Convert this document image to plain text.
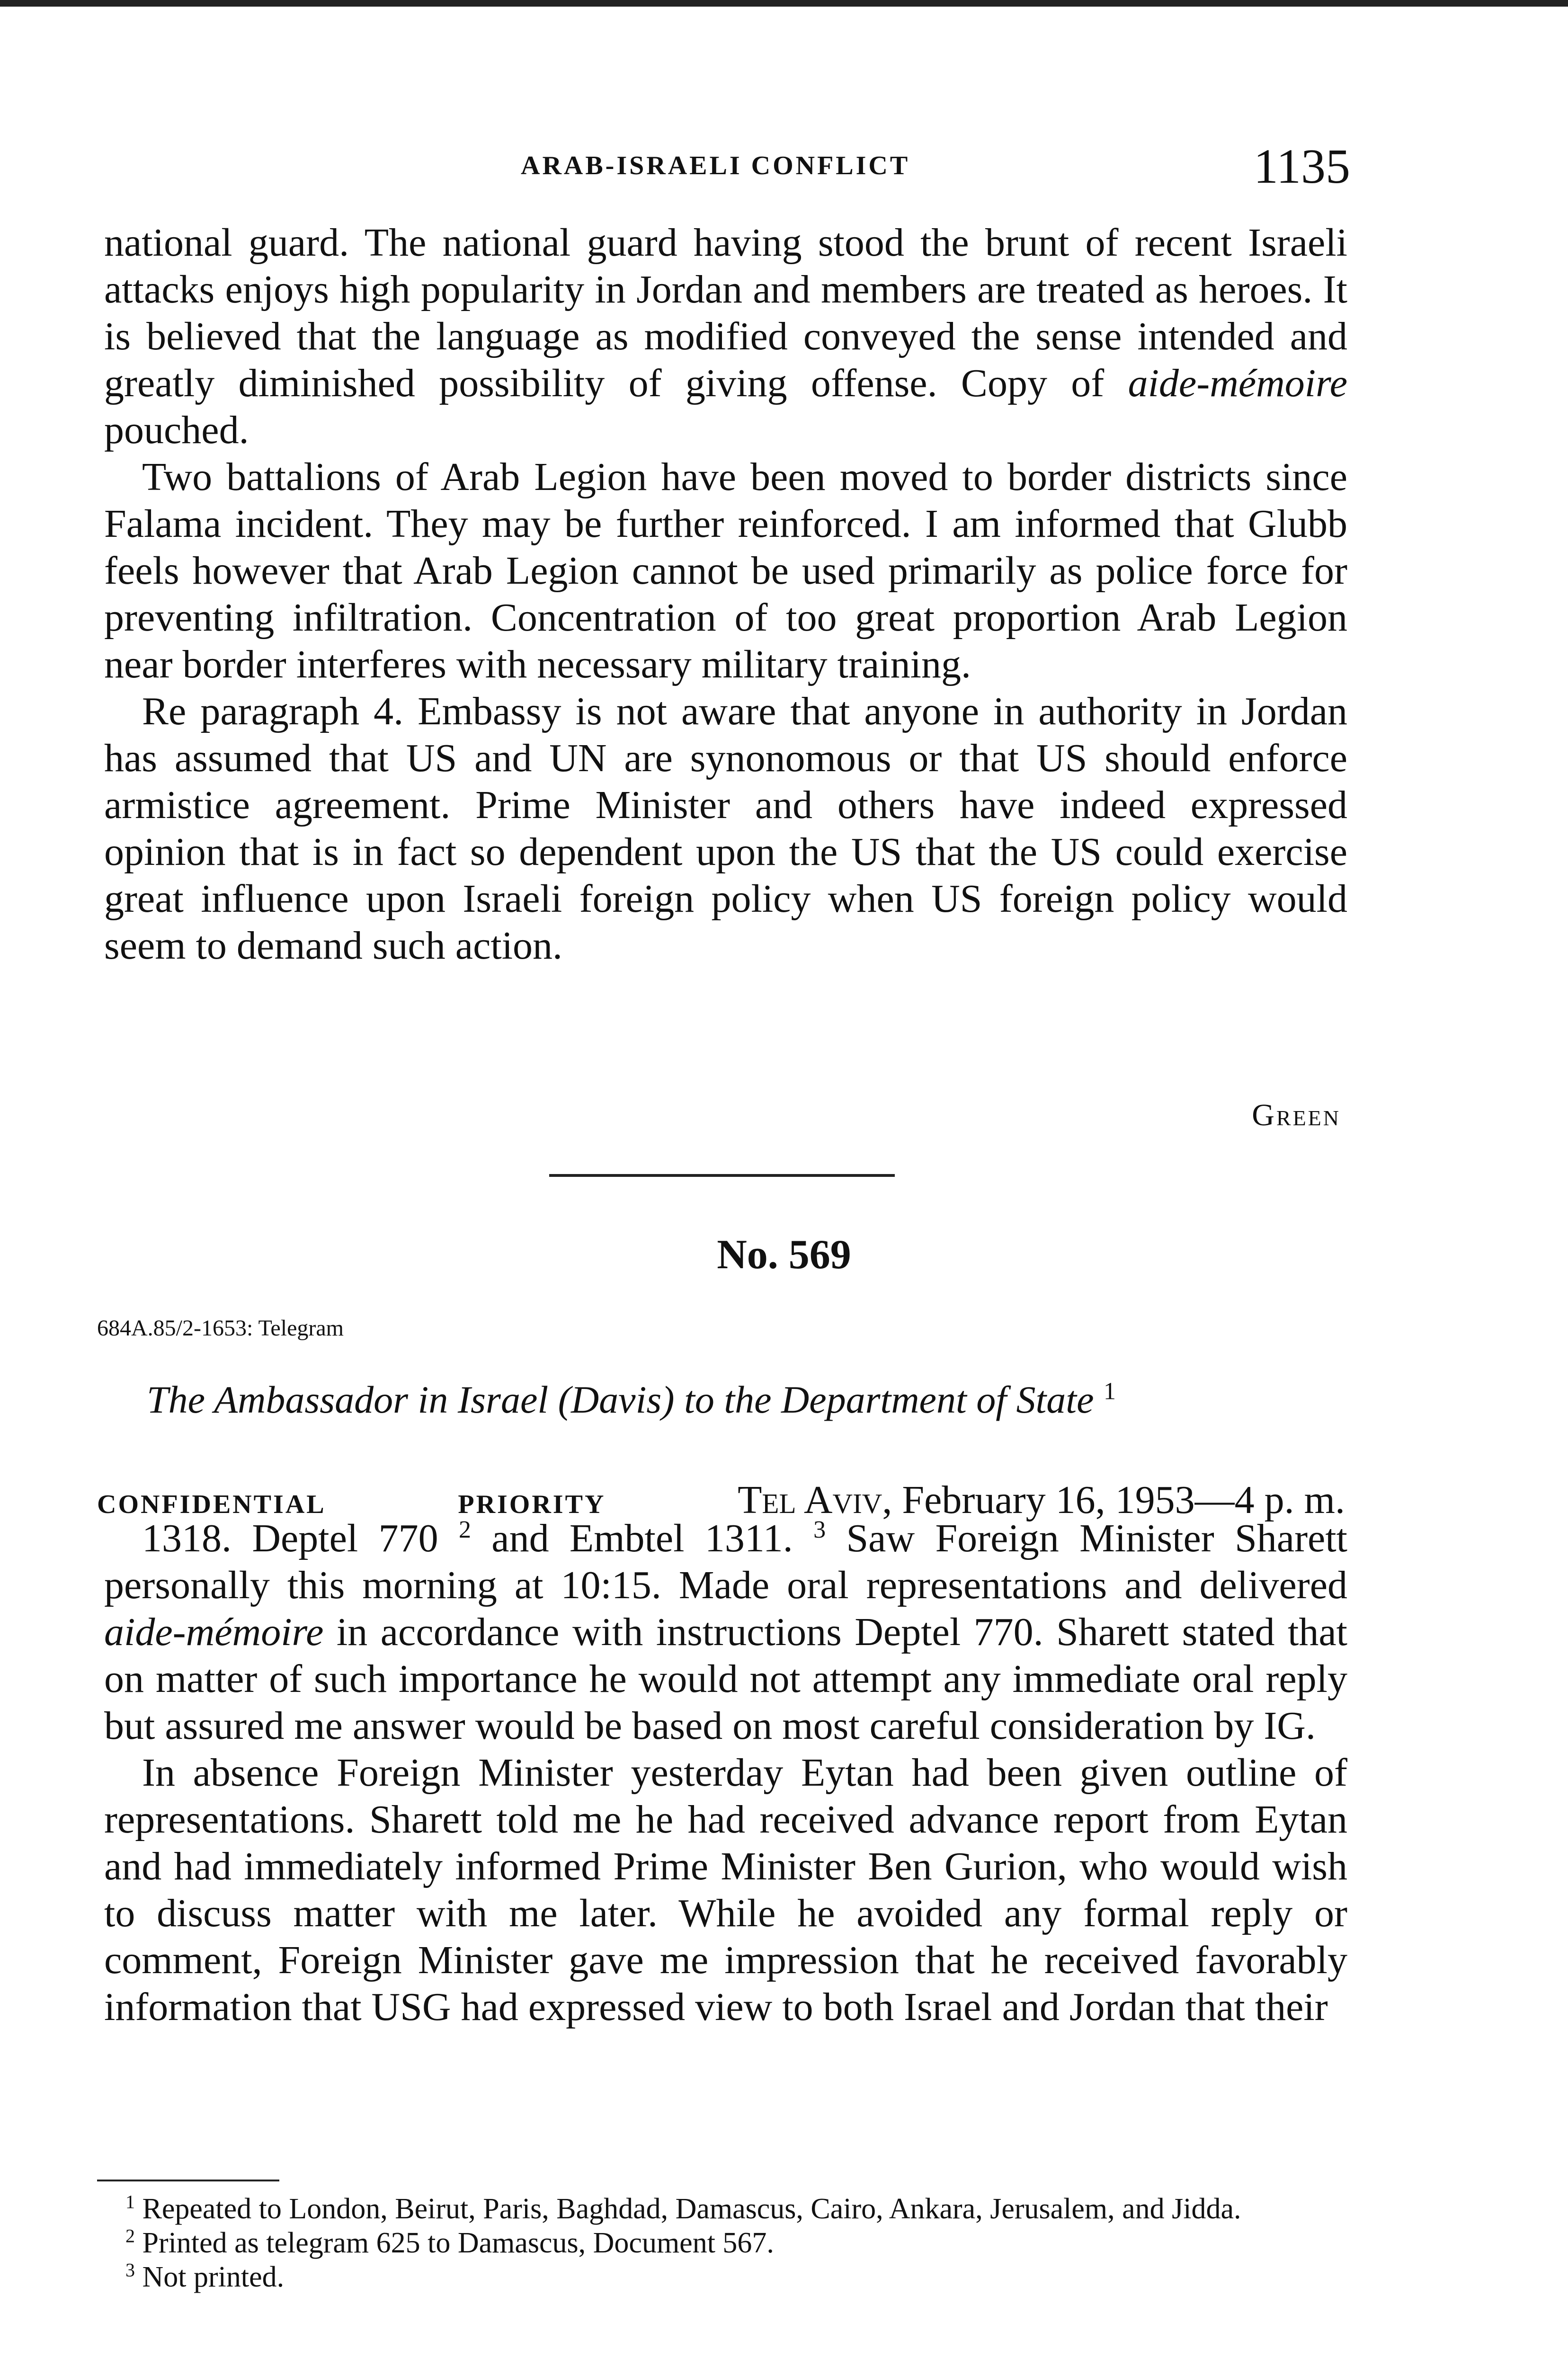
ARAB-ISRAELI CONFLICT	1135

national guard. The national guard having stood the brunt of recent Israeli attacks enjoys high popularity in Jordan and members are treated as heroes. It is believed that the language as modified conveyed the sense intended and greatly diminished possibility of giving offense. Copy of aide-mémoire pouched.

Two battalions of Arab Legion have been moved to border districts since Falama incident. They may be further reinforced. I am informed that Glubb feels however that Arab Legion cannot be used primarily as police force for preventing infiltration. Concentration of too great proportion Arab Legion near border interferes with necessary military training.

Re paragraph 4. Embassy is not aware that anyone in authority in Jordan has assumed that US and UN are synonomous or that US should enforce armistice agreement. Prime Minister and others have indeed expressed opinion that is in fact so dependent upon the US that the US could exercise great influence upon Israeli foreign policy when US foreign policy would seem to demand such action.

Green
No. 569
684A.85/2-1653: Telegram
The Ambassador in Israel (Davis) to the Department of State $^1$
CONFIDENTIAL	PRIORITY	Tel Aviv, February 16, 1953—4 p. m.

1318. Deptel 770 $^2$ and Embtel 1311. $^3$ Saw Foreign Minister Sharett personally this morning at 10:15. Made oral representations and delivered aide-mémoire in accordance with instructions Deptel 770. Sharett stated that on matter of such importance he would not attempt any immediate oral reply but assured me answer would be based on most careful consideration by IG.

In absence Foreign Minister yesterday Eytan had been given outline of representations. Sharett told me he had received advance report from Eytan and had immediately informed Prime Minister Ben Gurion, who would wish to discuss matter with me later. While he avoided any formal reply or comment, Foreign Minister gave me impression that he received favorably information that USG had expressed view to both Israel and Jordan that their

$^1$ Repeated to London, Beirut, Paris, Baghdad, Damascus, Cairo, Ankara, Jerusalem, and Jidda.

$^2$ Printed as telegram 625 to Damascus, Document 567.

$^3$ Not printed.
